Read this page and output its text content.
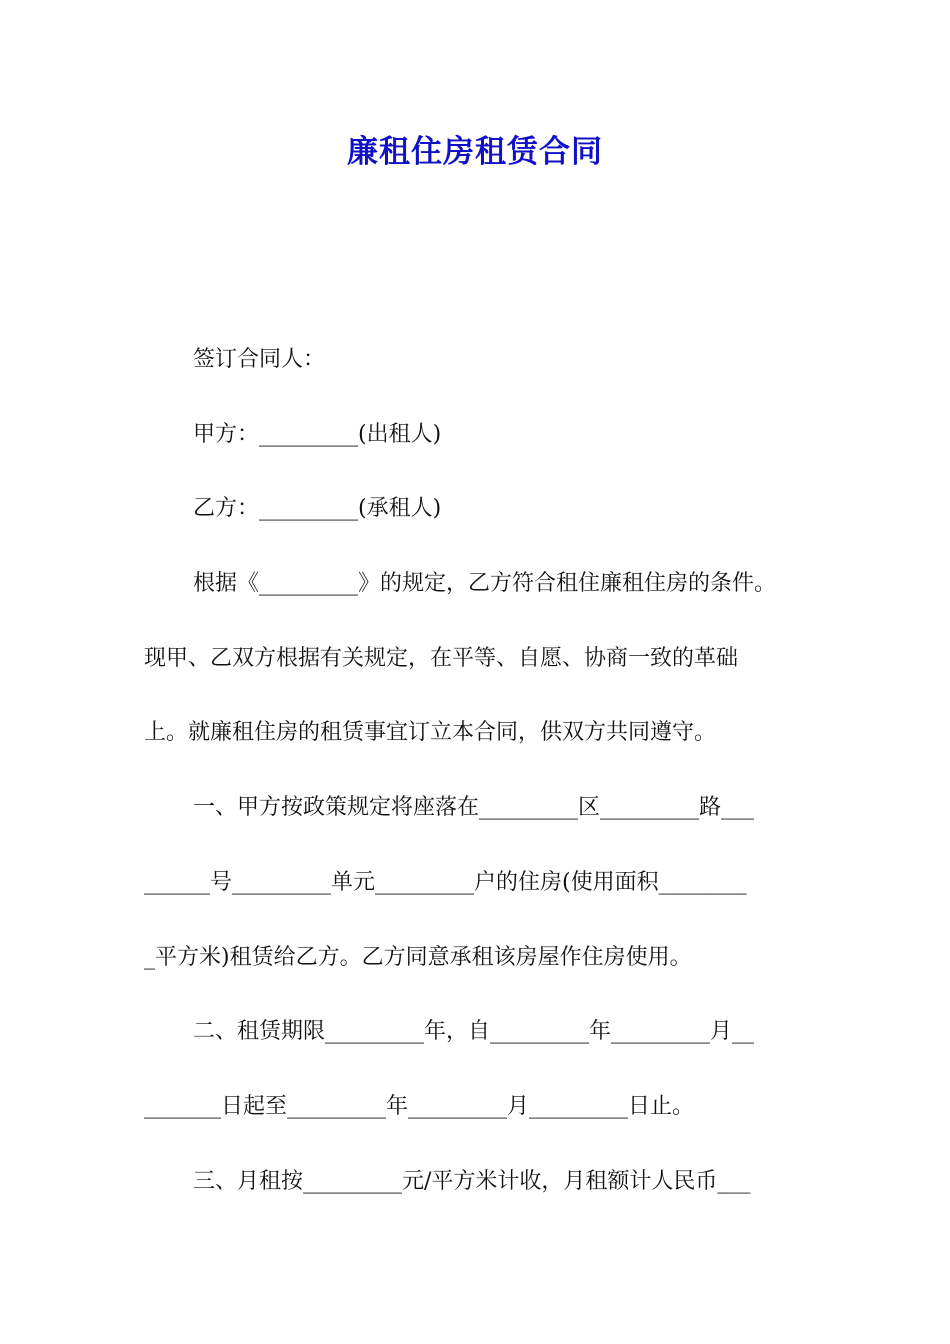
廉租住房租赁合同
签订合同人：
甲方：_________(出租人)
乙方：_________(承租人)
根据《_________》的规定，乙方符合租住廉租住房的条件。
现甲、乙双方根据有关规定，在平等、自愿、协商一致的革础
上。就廉租住房的租赁事宜订立本合同，供双方共同遵守。
一、甲方按政策规定将座落在_________区_________路___
______号_________单元_________户的住房(使用面积________
_平方米)租赁给乙方。乙方同意承租该房屋作住房使用。
二、租赁期限_________年，自_________年_________月__
_______日起至_________年_________月_________日止。
三、月租按_________元/平方米计收，月租额计人民币___
